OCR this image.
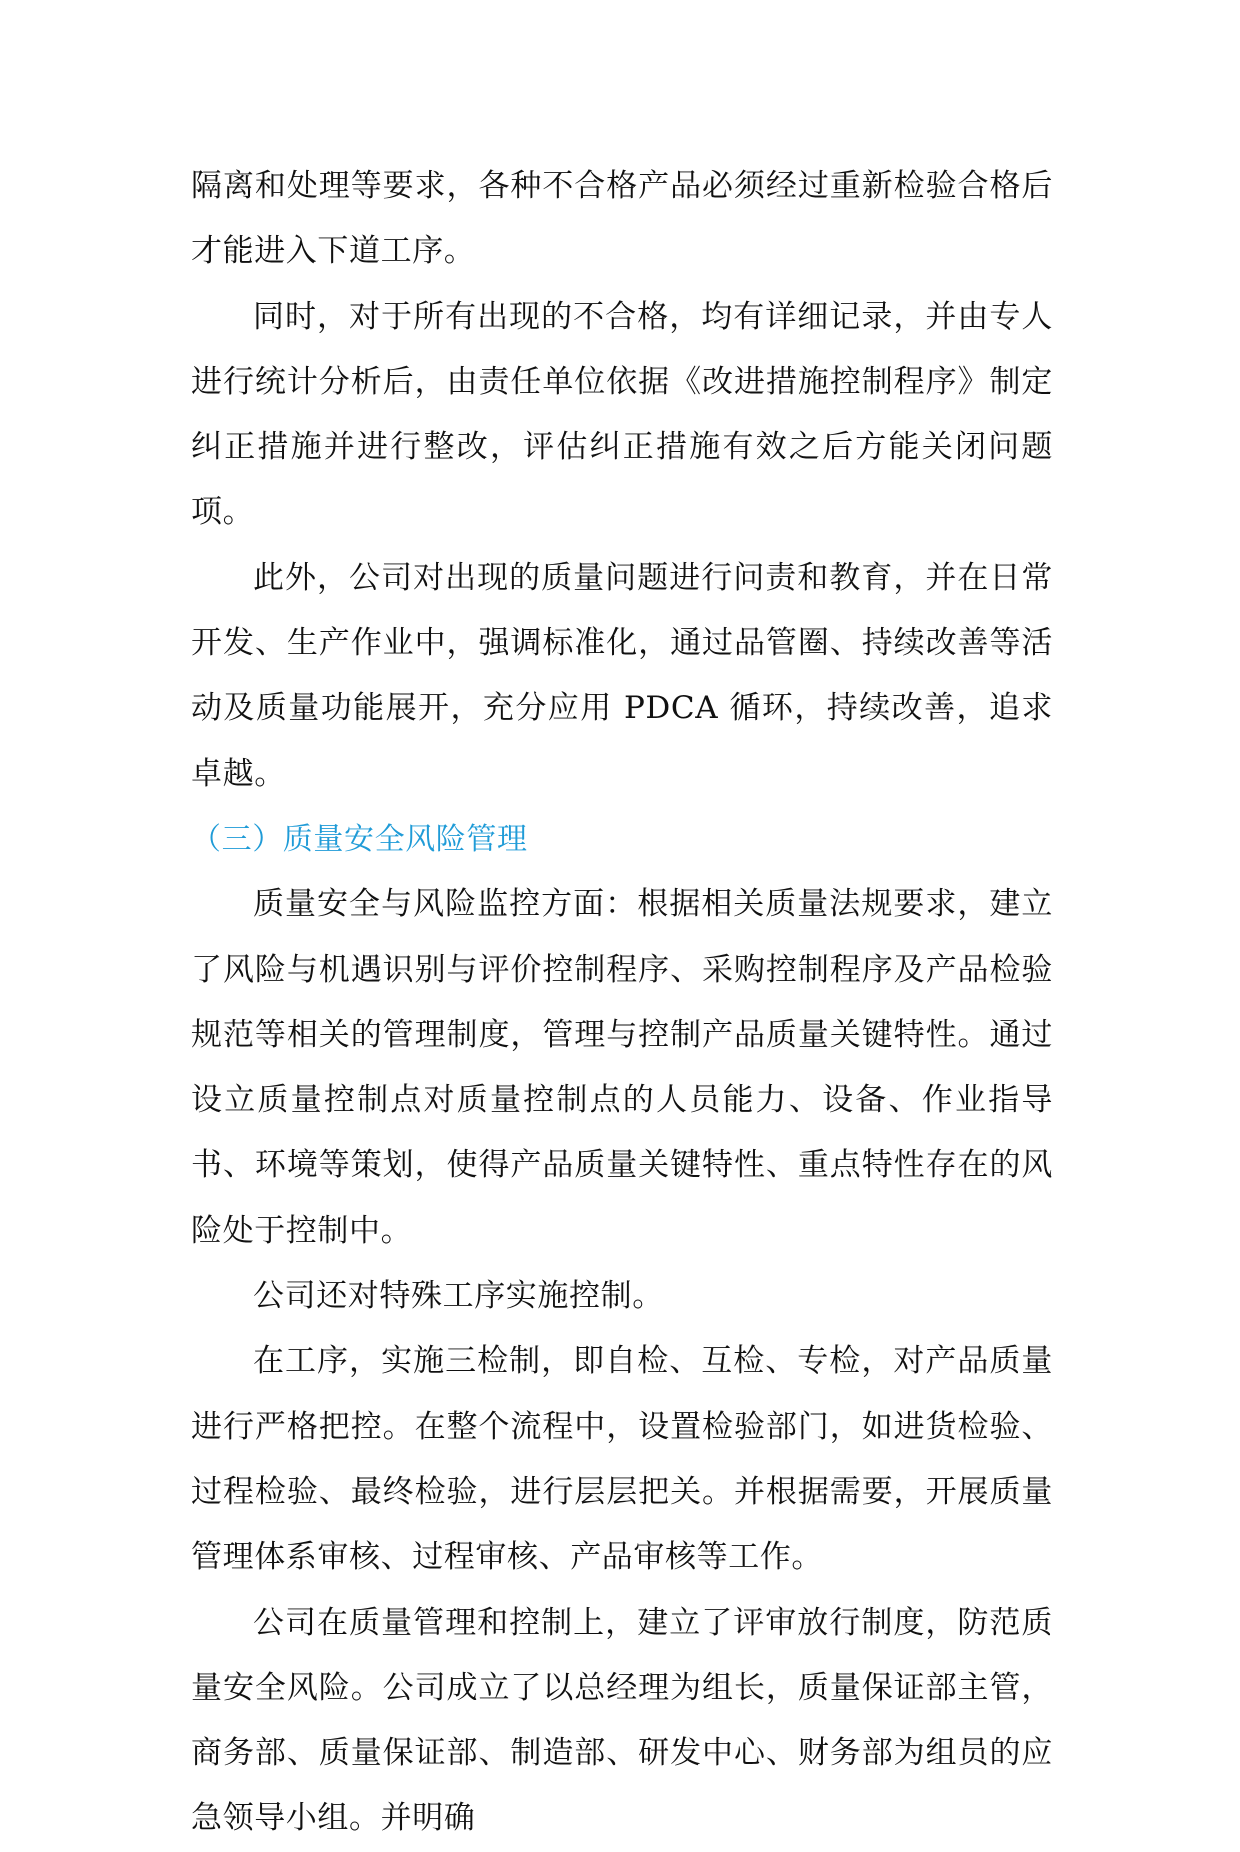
隔离和处理等要求，各种不合格产品必须经过重新检验合格后才能进入下道工序。

同时，对于所有出现的不合格，均有详细记录，并由专人进行统计分析后，由责任单位依据《改进措施控制程序》制定纠正措施并进行整改，评估纠正措施有效之后方能关闭问题项。

此外，公司对出现的质量问题进行问责和教育，并在日常开发、生产作业中，强调标准化，通过品管圈、持续改善等活动及质量功能展开，充分应用 PDCA 循环，持续改善，追求卓越。

（三）质量安全风险管理

质量安全与风险监控方面：根据相关质量法规要求，建立了风险与机遇识别与评价控制程序、采购控制程序及产品检验规范等相关的管理制度，管理与控制产品质量关键特性。通过设立质量控制点对质量控制点的人员能力、设备、作业指导书、环境等策划，使得产品质量关键特性、重点特性存在的风险处于控制中。

公司还对特殊工序实施控制。

在工序，实施三检制，即自检、互检、专检，对产品质量进行严格把控。在整个流程中，设置检验部门，如进货检验、过程检验、最终检验，进行层层把关。并根据需要，开展质量管理体系审核、过程审核、产品审核等工作。

公司在质量管理和控制上，建立了评审放行制度，防范质量安全风险。公司成立了以总经理为组长，质量保证部主管，商务部、质量保证部、制造部、研发中心、财务部为组员的应急领导小组。并明确
